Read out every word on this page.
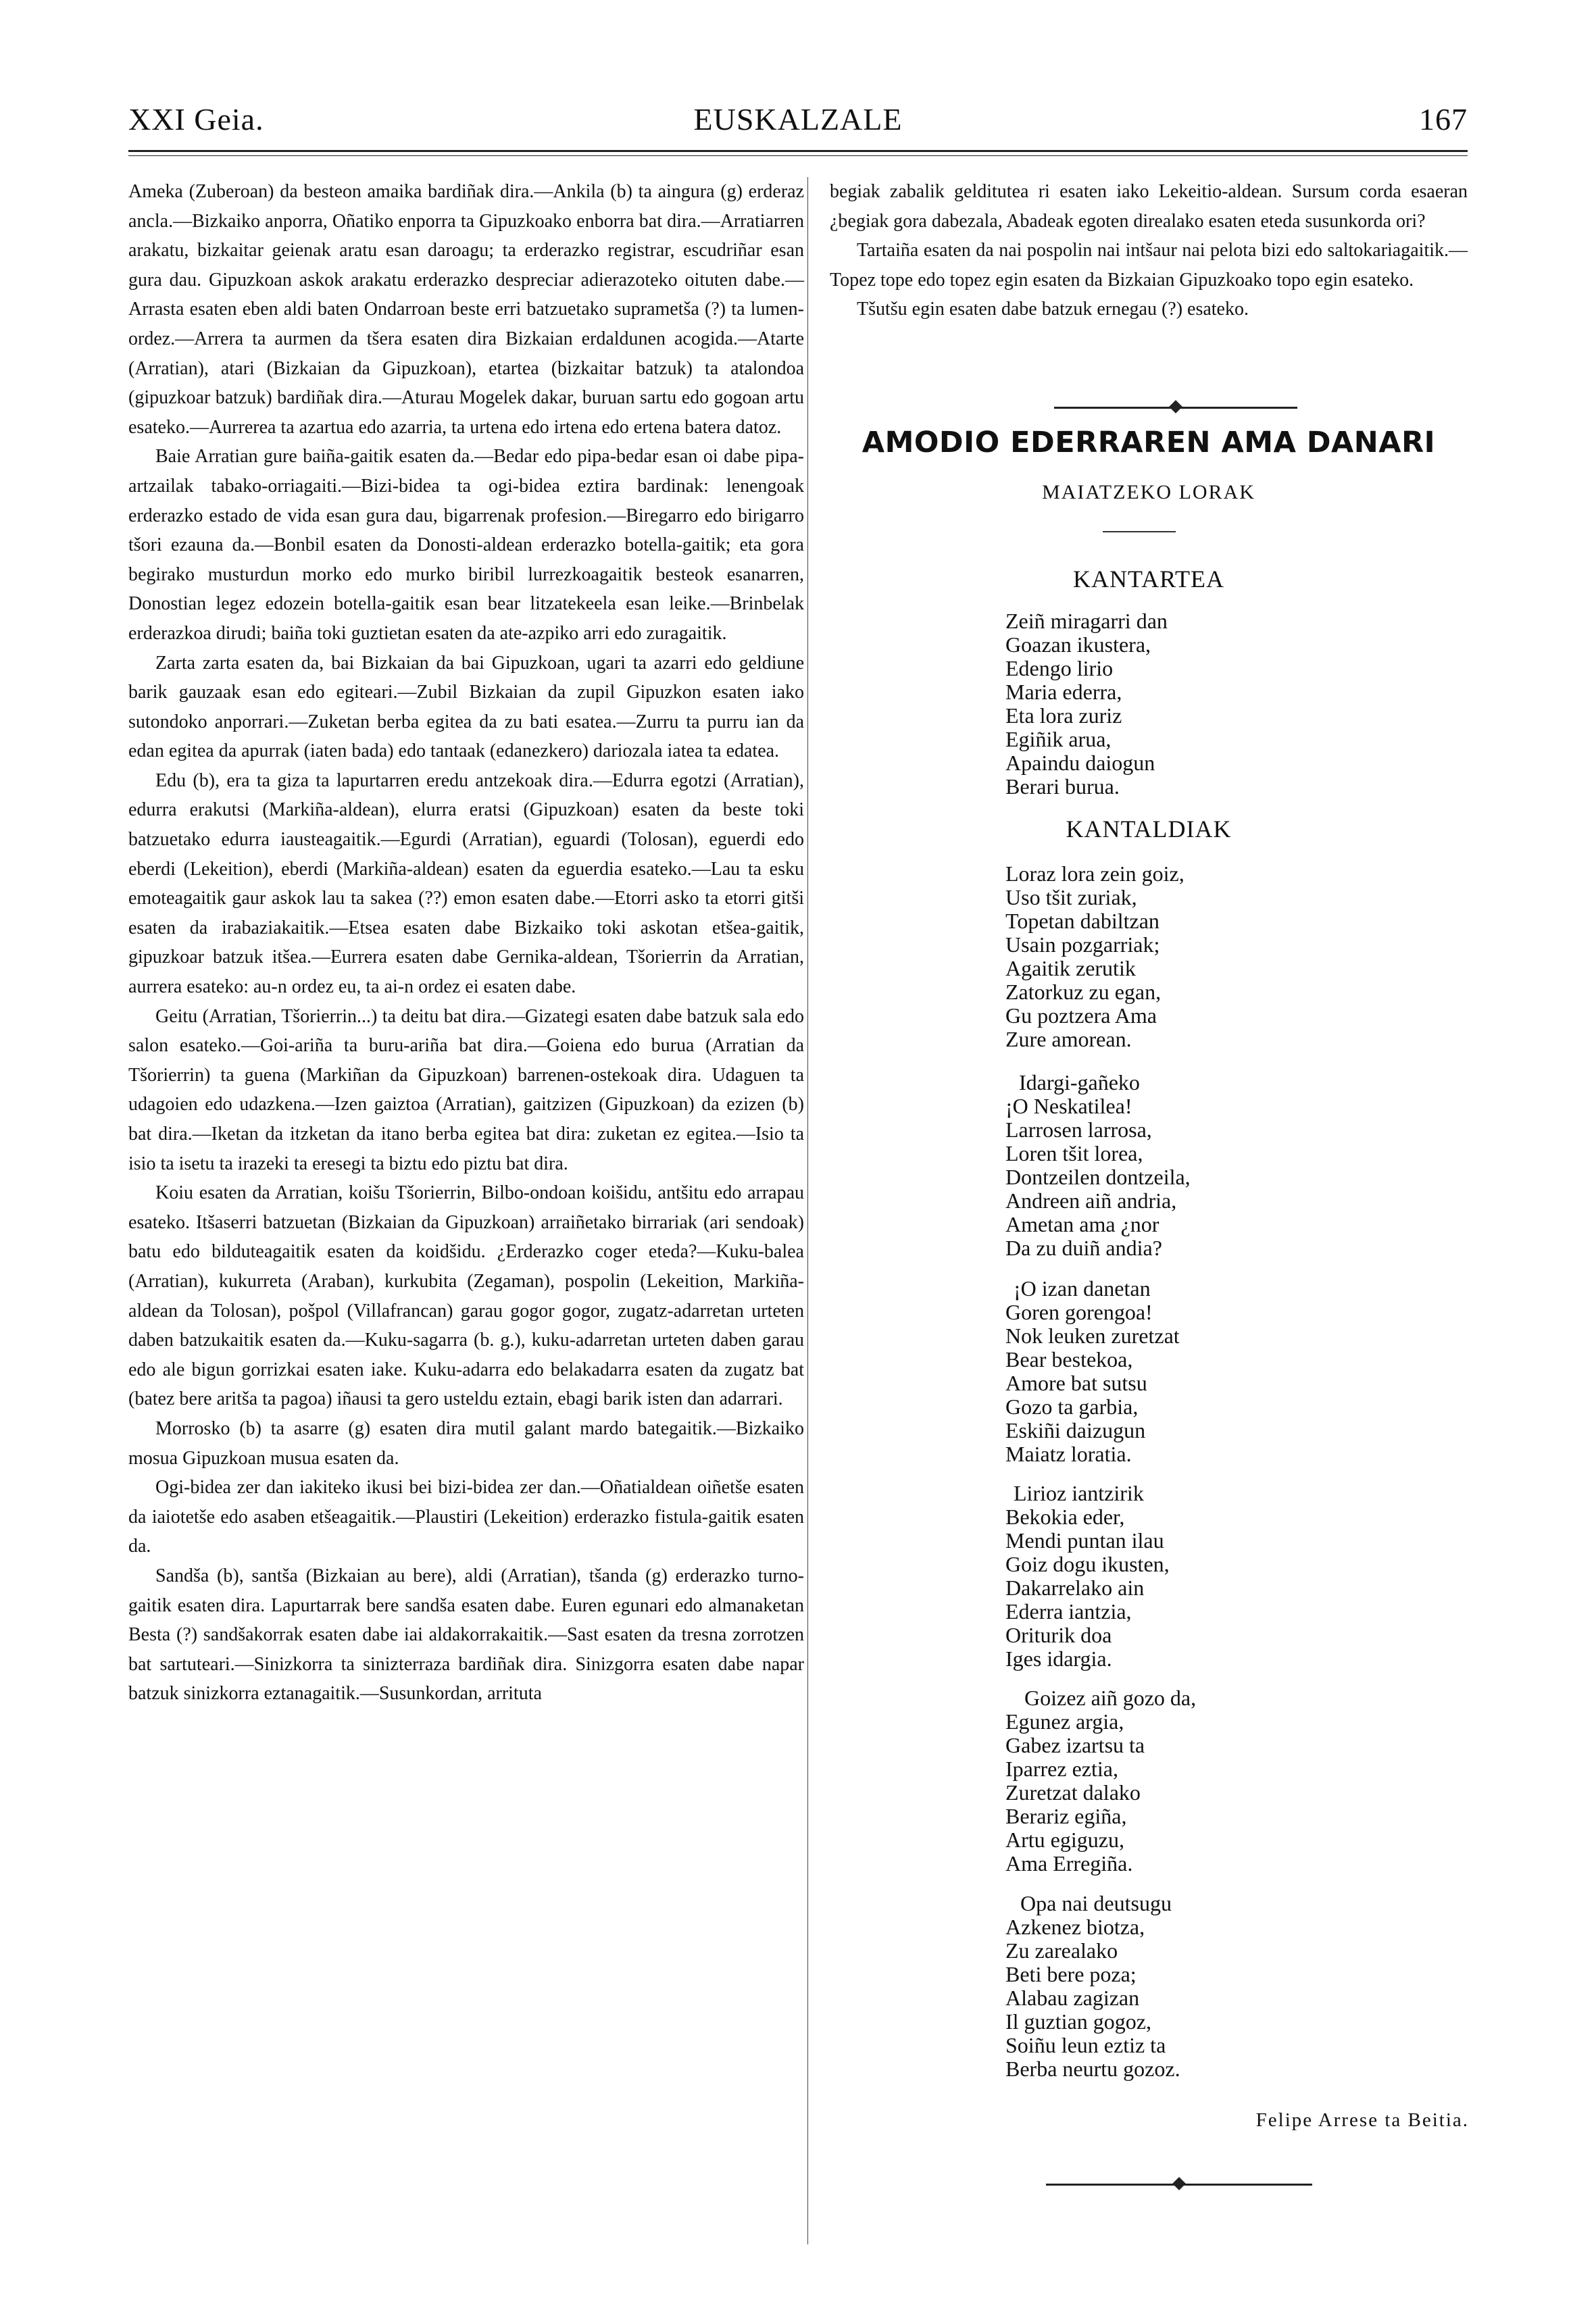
XXI Geia.	EUSKALZALE	167

Ameka (Zuberoan) da besteon amaika bardiñak dira.—Ankila (b) ta aingura (g) erderaz ancla.—Bizkaiko anporra, Oñatiko enporra ta Gipuzkoako enborra bat dira.—Arratiarren arakatu, bizkaitar geienak aratu esan daroagu; ta erderazko registrar, escudriñar esan gura dau. Gipuzkoan askok arakatu erderazko despreciar adierazoteko oituten dabe.—Arrasta esaten eben aldi baten Ondarroan beste erri batzuetako suprametša (?) ta lumen-ordez.—Arrera ta aurmen da tšera esaten dira Bizkaian erdaldunen acogida.—Atarte (Arratian), atari (Bizkaian da Gipuzkoan), etartea (bizkaitar batzuk) ta atalondoa (gipuzkoar batzuk) bardiñak dira.—Aturau Mogelek dakar, buruan sartu edo gogoan artu esateko.—Aurrerea ta azartua edo azarria, ta urtena edo irtena edo ertena batera datoz.

Baie Arratian gure baiña-gaitik esaten da.—Bedar edo pipa-bedar esan oi dabe pipa-artzailak tabako-orriagaiti.—Bizi-bidea ta ogi-bidea eztira bardinak: lenengoak erderazko estado de vida esan gura dau, bigarrenak profesion.—Biregarro edo birigarro tšori ezauna da.—Bonbil esaten da Donosti-aldean erderazko botella-gaitik; eta gora begirako musturdun morko edo murko biribil lurrezkoagaitik besteok esanarren, Donostian legez edozein botella-gaitik esan bear litzatekeela esan leike.—Brinbelak erderazkoa dirudi; baiña toki guztietan esaten da ate-azpiko arri edo zuragaitik.

Zarta zarta esaten da, bai Bizkaian da bai Gipuzkoan, ugari ta azarri edo geldiune barik gauzaak esan edo egiteari.—Zubil Bizkaian da zupil Gipuzkon esaten iako sutondoko anporrari.—Zuketan berba egitea da zu bati esatea.—Zurru ta purru ian da edan egitea da apurrak (iaten bada) edo tantaak (edanezkero) dariozala iatea ta edatea.

Edu (b), era ta giza ta lapurtarren eredu antzekoak dira.—Edurra egotzi (Arratian), edurra erakutsi (Markiña-aldean), elurra eratsi (Gipuzkoan) esaten da beste toki batzuetako edurra iausteagaitik.—Egurdi (Arratian), eguardi (Tolosan), eguerdi edo eberdi (Lekeition), eberdi (Markiña-aldean) esaten da eguerdia esateko.—Lau ta esku emoteagaitik gaur askok lau ta sakea (??) emon esaten dabe.—Etorri asko ta etorri gitši esaten da irabaziakaitik.—Etsea esaten dabe Bizkaiko toki askotan etšea-gaitik, gipuzkoar batzuk itšea.—Eurrera esaten dabe Gernika-aldean, Tšorierrin da Arratian, aurrera esateko: au-n ordez eu, ta ai-n ordez ei esaten dabe.

Geitu (Arratian, Tšorierrin...) ta deitu bat dira.—Gizategi esaten dabe batzuk sala edo salon esateko.—Goi-ariña ta buru-ariña bat dira.—Goiena edo burua (Arratian da Tšorierrin) ta guena (Markiñan da Gipuzkoan) barrenen-ostekoak dira. Udaguen ta udagoien edo udazkena.—Izen gaiztoa (Arratian), gaitzizen (Gipuzkoan) da ezizen (b) bat dira.—Iketan da itzketan da itano berba egitea bat dira: zuketan ez egitea.—Isio ta isio ta isetu ta irazeki ta eresegi ta biztu edo piztu bat dira.

Koiu esaten da Arratian, koišu Tšorierrin, Bilbo-ondoan koišidu, antšitu edo arrapau esateko. Itšaserri batzuetan (Bizkaian da Gipuzkoan) arraiñetako birrariak (ari sendoak) batu edo bilduteagaitik esaten da koidšidu. ¿Erderazko coger eteda?—Kuku-balea (Arratian), kukurreta (Araban), kurkubita (Zegaman), pospolin (Lekeition, Markiña-aldean da Tolosan), pošpol (Villafrancan) garau gogor gogor, zugatz-adarretan urteten daben batzukaitik esaten da.—Kuku-sagarra (b. g.), kuku-adarretan urteten daben garau edo ale bigun gorrizkai esaten iake. Kuku-adarra edo belakadarra esaten da zugatz bat (batez bere aritša ta pagoa) iñausi ta gero usteldu eztain, ebagi barik isten dan adarrari.

Morrosko (b) ta asarre (g) esaten dira mutil galant mardo bategaitik.—Bizkaiko mosua Gipuzkoan musua esaten da.

Ogi-bidea zer dan iakiteko ikusi bei bizi-bidea zer dan.—Oñatialdean oiñetše esaten da iaiotetše edo asaben etšeagaitik.—Plaustiri (Lekeition) erderazko fistula-gaitik esaten da.

Sandša (b), santša (Bizkaian au bere), aldi (Arratian), tšanda (g) erderazko turno-gaitik esaten dira. Lapurtarrak bere sandša esaten dabe. Euren egunari edo almanaketan Besta (?) sandšakorrak esaten dabe iai aldakorrakaitik.—Sast esaten da tresna zorrotzen bat sartuteari.—Sinizkorra ta sinizterraza bardiñak dira. Sinizgorra esaten dabe napar batzuk sinizkorra eztanagaitik.—Susunkordan, arrituta

begiak zabalik gelditutea ri esaten iako Lekeitio-aldean. Sursum corda esaeran ¿begiak gora dabezala, Abadeak egoten direalako esaten eteda susunkorda ori?

Tartaiña esaten da nai pospolin nai intšaur nai pelota bizi edo saltokariagaitik.—Topez tope edo topez egin esaten da Bizkaian Gipuzkoako topo egin esateko.

Tšutšu egin esaten dabe batzuk ernegau (?) esateko.

AMODIO EDERRAREN AMA DANARI
MAIATZEKO LORAK
KANTARTEA
Zeiñ miragarri dan
Goazan ikustera,
Edengo lirio
Maria ederra,
Eta lora zuriz
Egiñik arua,
Apaindu daiogun
Berari burua.
KANTALDIAK
Loraz lora zein goiz,
Uso tšit zuriak,
Topetan dabiltzan
Usain pozgarriak;
Agaitik zerutik
Zatorkuz zu egan,
Gu poztzera Ama
Zure amorean.
Idargi-gañeko
¡O Neskatilea!
Larrosen larrosa,
Loren tšit lorea,
Dontzeilen dontzeila,
Andreen aiñ andria,
Ametan ama ¿nor
Da zu duiñ andia?
¡O izan danetan
Goren gorengoa!
Nok leuken zuretzat
Bear bestekoa,
Amore bat sutsu
Gozo ta garbia,
Eskiñi daizugun
Maiatz loratia.
Lirioz iantzirik
Bekokia eder,
Mendi puntan ilau
Goiz dogu ikusten,
Dakarrelako ain
Ederra iantzia,
Oriturik doa
Iges idargia.
Goizez aiñ gozo da,
Egunez argia,
Gabez izartsu ta
Iparrez eztia,
Zuretzat dalako
Berariz egiña,
Artu egiguzu,
Ama Erregiña.
Opa nai deutsugu
Azkenez biotza,
Zu zarealako
Beti bere poza;
Alabau zagizan
Il guztian gogoz,
Soiñu leun eztiz ta
Berba neurtu gozoz.
Felipe Arrese ta Beitia.
